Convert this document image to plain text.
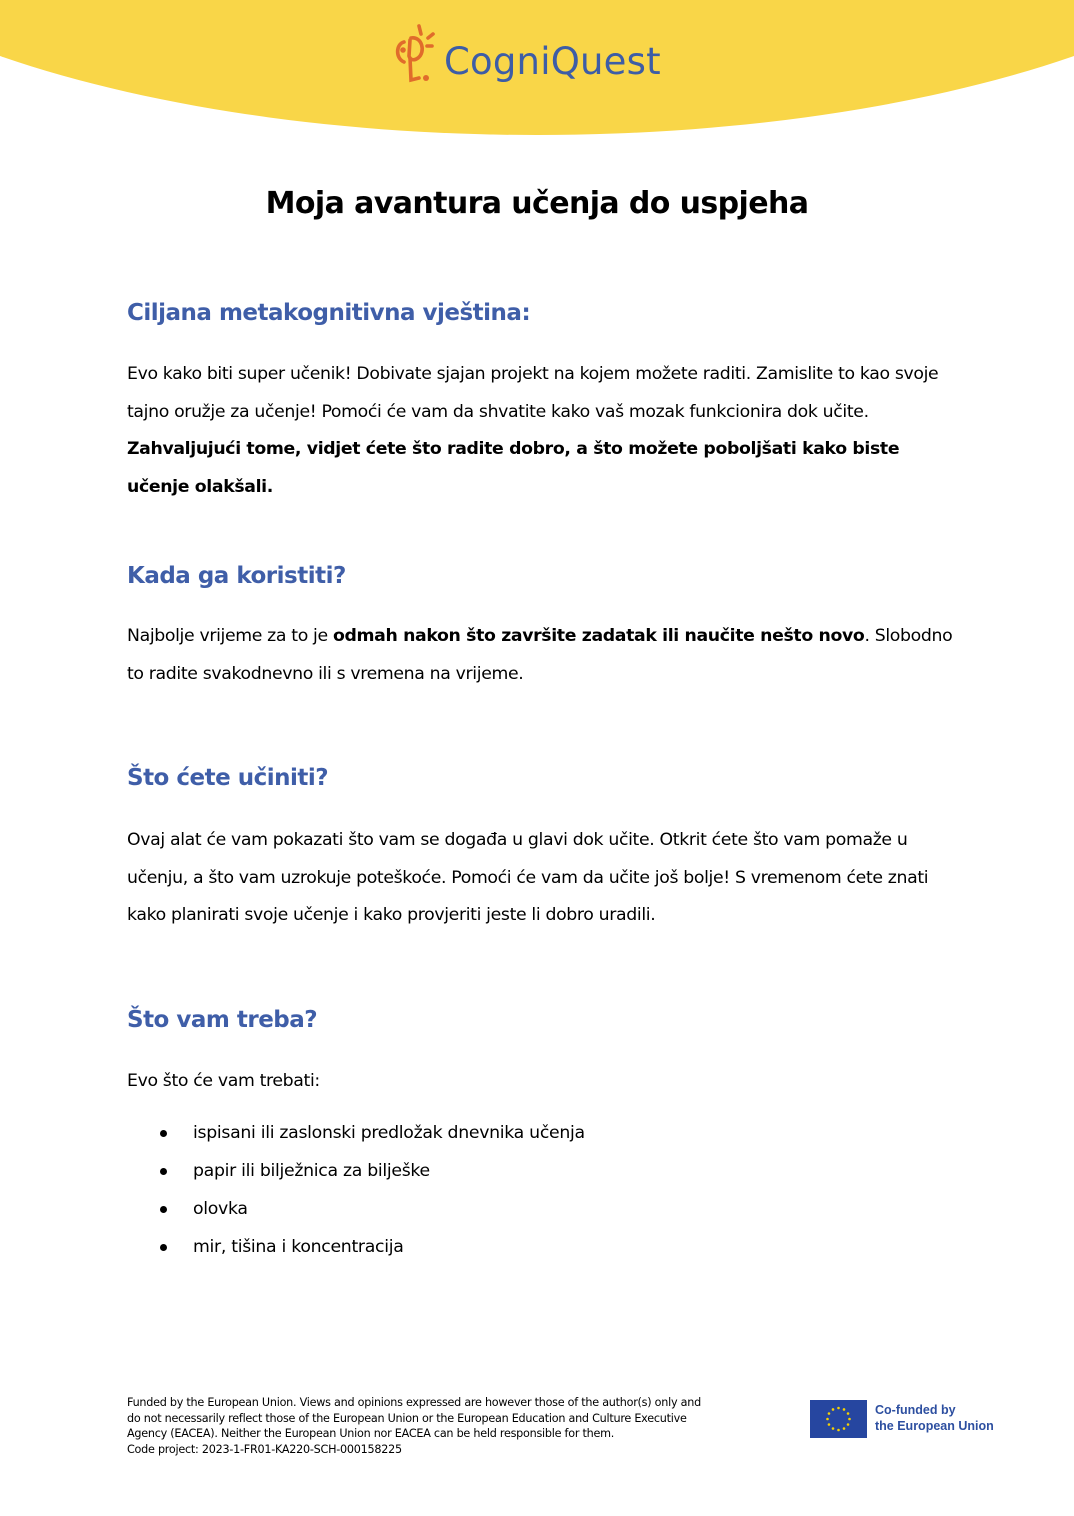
CogniQuest
Moja avantura učenja do uspjeha
Ciljana metakognitivna vještina:

Evo kako biti super učenik! Dobivate sjajan projekt na kojem možete raditi. Zamislite to kao svoje tajno oružje za učenje! Pomoći će vam da shvatite kako vaš mozak funkcionira dok učite. Zahvaljujući tome, vidjet ćete što radite dobro, a što možete poboljšati kako biste učenje olakšali.

Kada ga koristiti?

Najbolje vrijeme za to je odmah nakon što završite zadatak ili naučite nešto novo. Slobodno to radite svakodnevno ili s vremena na vrijeme.

Što ćete učiniti?

Ovaj alat će vam pokazati što vam se događa u glavi dok učite. Otkrit ćete što vam pomaže u učenju, a što vam uzrokuje poteškoće. Pomoći će vam da učite još bolje! S vremenom ćete znati kako planirati svoje učenje i kako provjeriti jeste li dobro uradili.

Što vam treba?

Evo što će vam trebati:

ispisani ili zaslonski predložak dnevnika učenja
papir ili bilježnica za bilješke
olovka
mir, tišina i koncentracija
Funded by the European Union. Views and opinions expressed are however those of the author(s) only and
do not necessarily reflect those of the European Union or the European Education and Culture Executive
Agency (EACEA). Neither the European Union nor EACEA can be held responsible for them.
Code project: 2023-1-FR01-KA220-SCH-000158225
Co-funded by
the European Union
